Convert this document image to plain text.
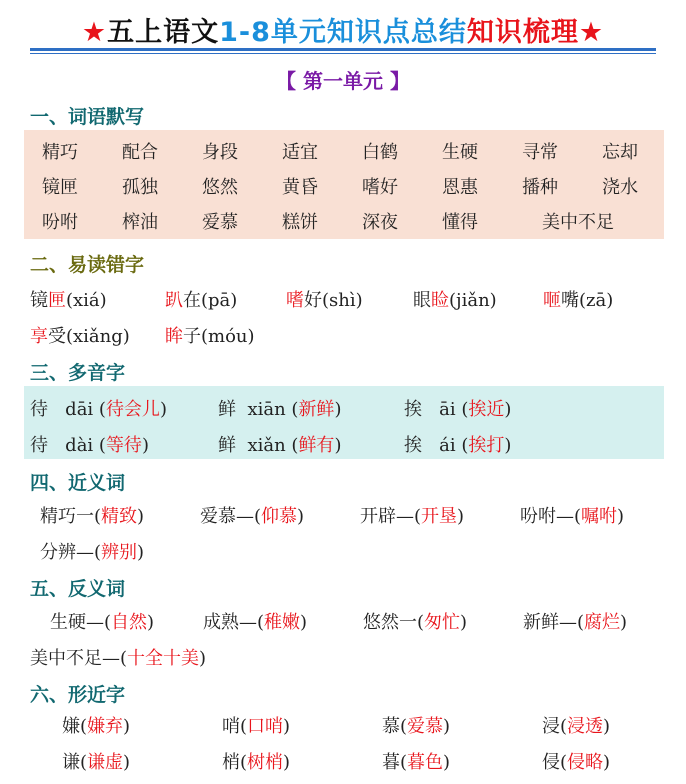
★五上语文1-8单元知识点总结知识梳理★
【 第一单元 】
一、词语默写
精巧 配合 身段 适宜 白鹤 生硬 寻常 忘却
镜匣 孤独 悠然 黄昏 嗜好 恩惠 播种 浇水
吩咐 榨油 爱慕 糕饼 深夜 懂得	美中不足
二、易读错字
镜匣(xiá)	趴在(pā)	嗜好(shì)	眼睑(jiǎn)	咂嘴(zā)
享受(xiǎng) 眸子(móu)
三、多音字
待 dāi (待会儿)	鲜 xiān (新鲜)	挨 āi (挨近)
待 dài (等待)	鲜 xiǎn (鲜有)	挨 ái (挨打)
四、近义词
精巧一(精致)	爱慕—(仰慕)	开辟—(开垦)	吩咐—(嘱咐)
分辨—(辨别)
五、反义词
生硬—(自然)	成熟—(稚嫩)	悠然一(匆忙)	新鲜—(腐烂)
美中不足—(十全十美)
六、形近字
嫌(嫌弃)	哨(口哨)	慕(爱慕)	浸(浸透)
谦(谦虚)	梢(树梢)	暮(暮色)	侵(侵略)
